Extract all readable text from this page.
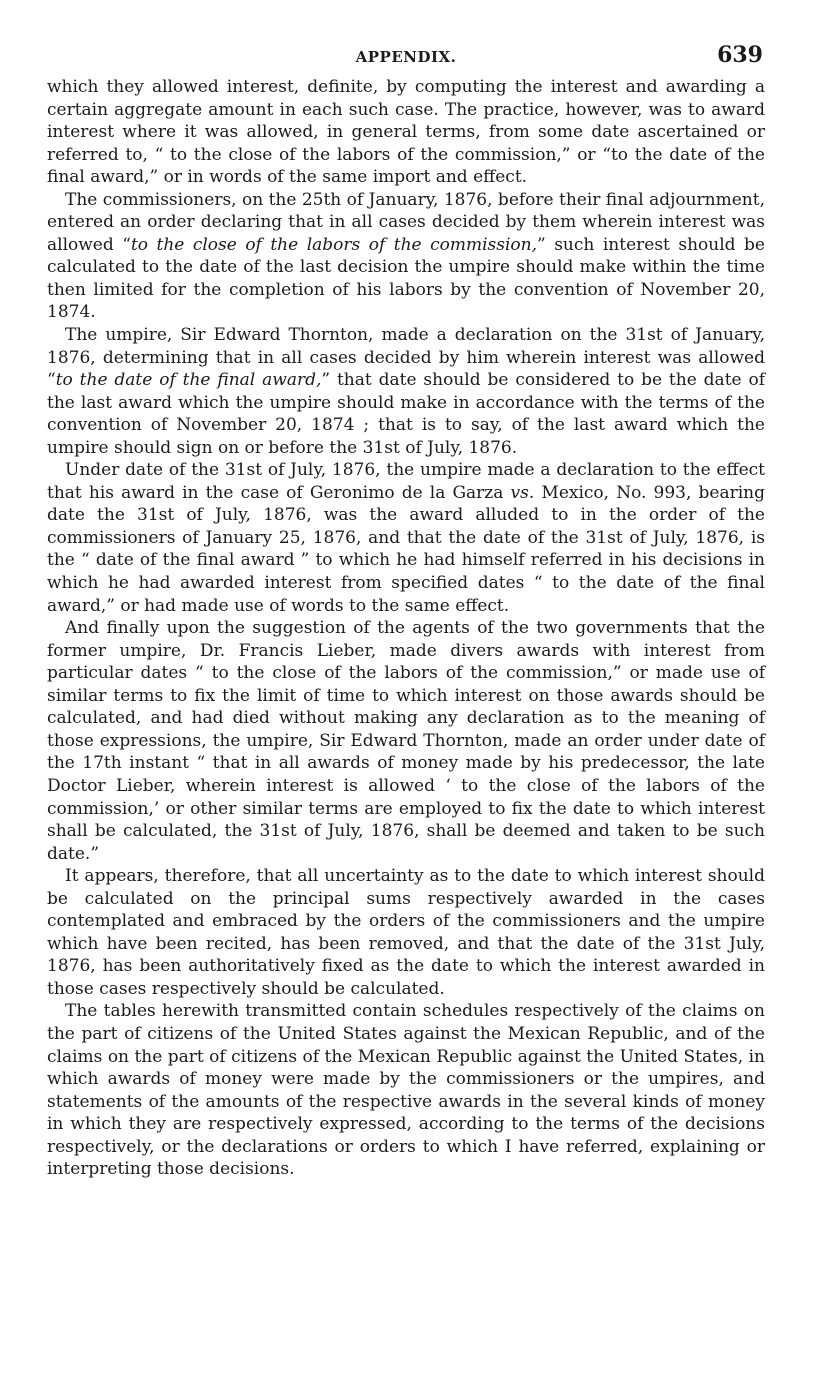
APPENDIX.	639

which they allowed interest, definite, by computing the interest and awarding a certain aggregate amount in each such case. The practice, however, was to award interest where it was allowed, in general terms, from some date ascertained or referred to, “ to the close of the labors of the commission,” or “to the date of the final award,” or in words of the same import and effect.

The commissioners, on the 25th of January, 1876, before their final adjournment, entered an order declaring that in all cases decided by them wherein interest was allowed “to the close of the labors of the commission,” such interest should be calculated to the date of the last decision the umpire should make within the time then limited for the completion of his labors by the convention of November 20, 1874.

The umpire, Sir Edward Thornton, made a declaration on the 31st of January, 1876, determining that in all cases decided by him wherein interest was allowed “to the date of the final award,” that date should be considered to be the date of the last award which the umpire should make in accordance with the terms of the convention of November 20, 1874 ; that is to say, of the last award which the umpire should sign on or before the 31st of July, 1876.

Under date of the 31st of July, 1876, the umpire made a declaration to the effect that his award in the case of Geronimo de la Garza vs. Mexico, No. 993, bearing date the 31st of July, 1876, was the award alluded to in the order of the commissioners of January 25, 1876, and that the date of the 31st of July, 1876, is the “ date of the final award ” to which he had himself referred in his decisions in which he had awarded interest from specified dates “ to the date of the final award,” or had made use of words to the same effect.

And finally upon the suggestion of the agents of the two governments that the former umpire, Dr. Francis Lieber, made divers awards with interest from particular dates “ to the close of the labors of the commission,” or made use of similar terms to fix the limit of time to which interest on those awards should be calculated, and had died without making any declaration as to the meaning of those expressions, the umpire, Sir Edward Thornton, made an order under date of the 17th instant “ that in all awards of money made by his predecessor, the late Doctor Lieber, wherein interest is allowed ‘ to the close of the labors of the commission,’ or other similar terms are employed to fix the date to which interest shall be calculated, the 31st of July, 1876, shall be deemed and taken to be such date.”

It appears, therefore, that all uncertainty as to the date to which interest should be calculated on the principal sums respectively awarded in the cases contemplated and embraced by the orders of the commissioners and the umpire which have been recited, has been removed, and that the date of the 31st July, 1876, has been authoritatively fixed as the date to which the interest awarded in those cases respectively should be calculated.

The tables herewith transmitted contain schedules respectively of the claims on the part of citizens of the United States against the Mexican Republic, and of the claims on the part of citizens of the Mexican Republic against the United States, in which awards of money were made by the commissioners or the umpires, and statements of the amounts of the respective awards in the several kinds of money in which they are respectively expressed, according to the terms of the decisions respectively, or the declarations or orders to which I have referred, explaining or interpreting those decisions.
